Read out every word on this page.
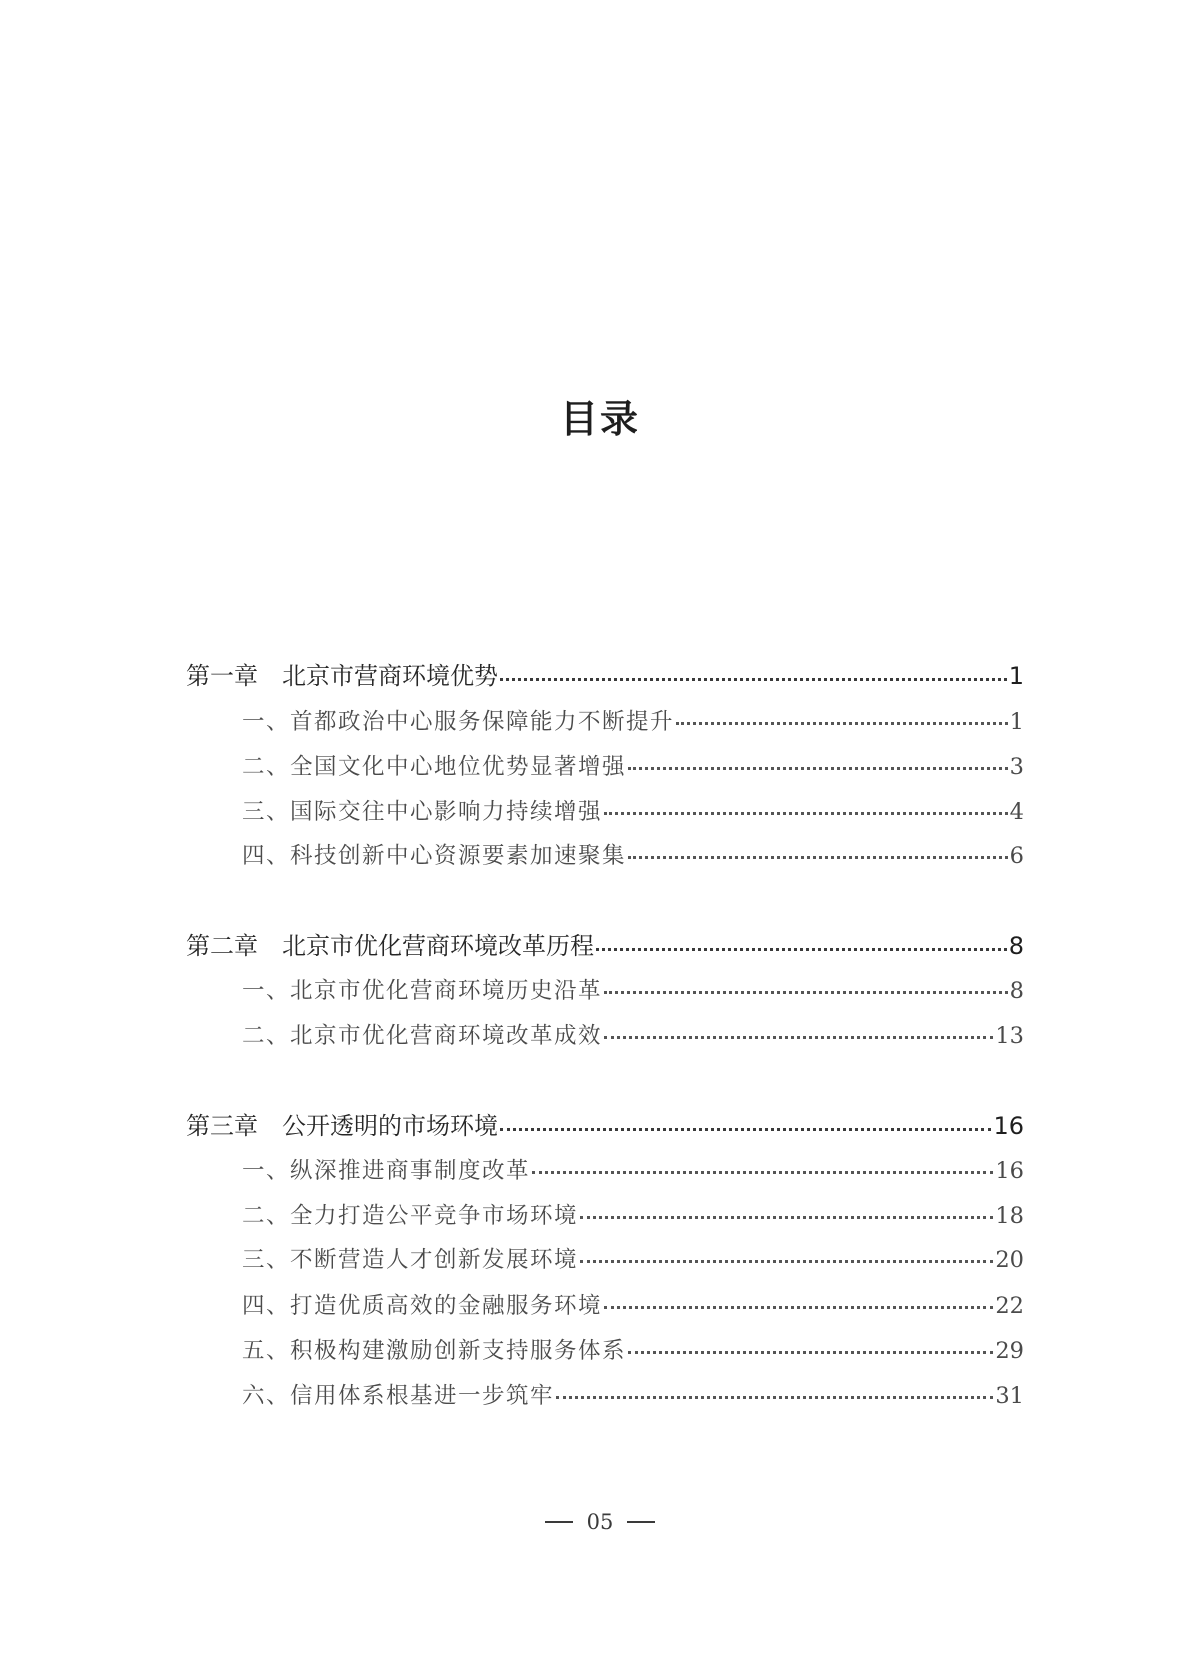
目录
第一章 北京市营商环境优势	1
一、首都政治中心服务保障能力不断提升	1
二、全国文化中心地位优势显著增强	3
三、国际交往中心影响力持续增强	4
四、科技创新中心资源要素加速聚集	6
第二章 北京市优化营商环境改革历程	8
一、北京市优化营商环境历史沿革	8
二、北京市优化营商环境改革成效	13
第三章 公开透明的市场环境	16
一、纵深推进商事制度改革	16
二、全力打造公平竞争市场环境	18
三、不断营造人才创新发展环境	20
四、打造优质高效的金融服务环境	22
五、积极构建激励创新支持服务体系	29
六、信用体系根基进一步筑牢	31
05
